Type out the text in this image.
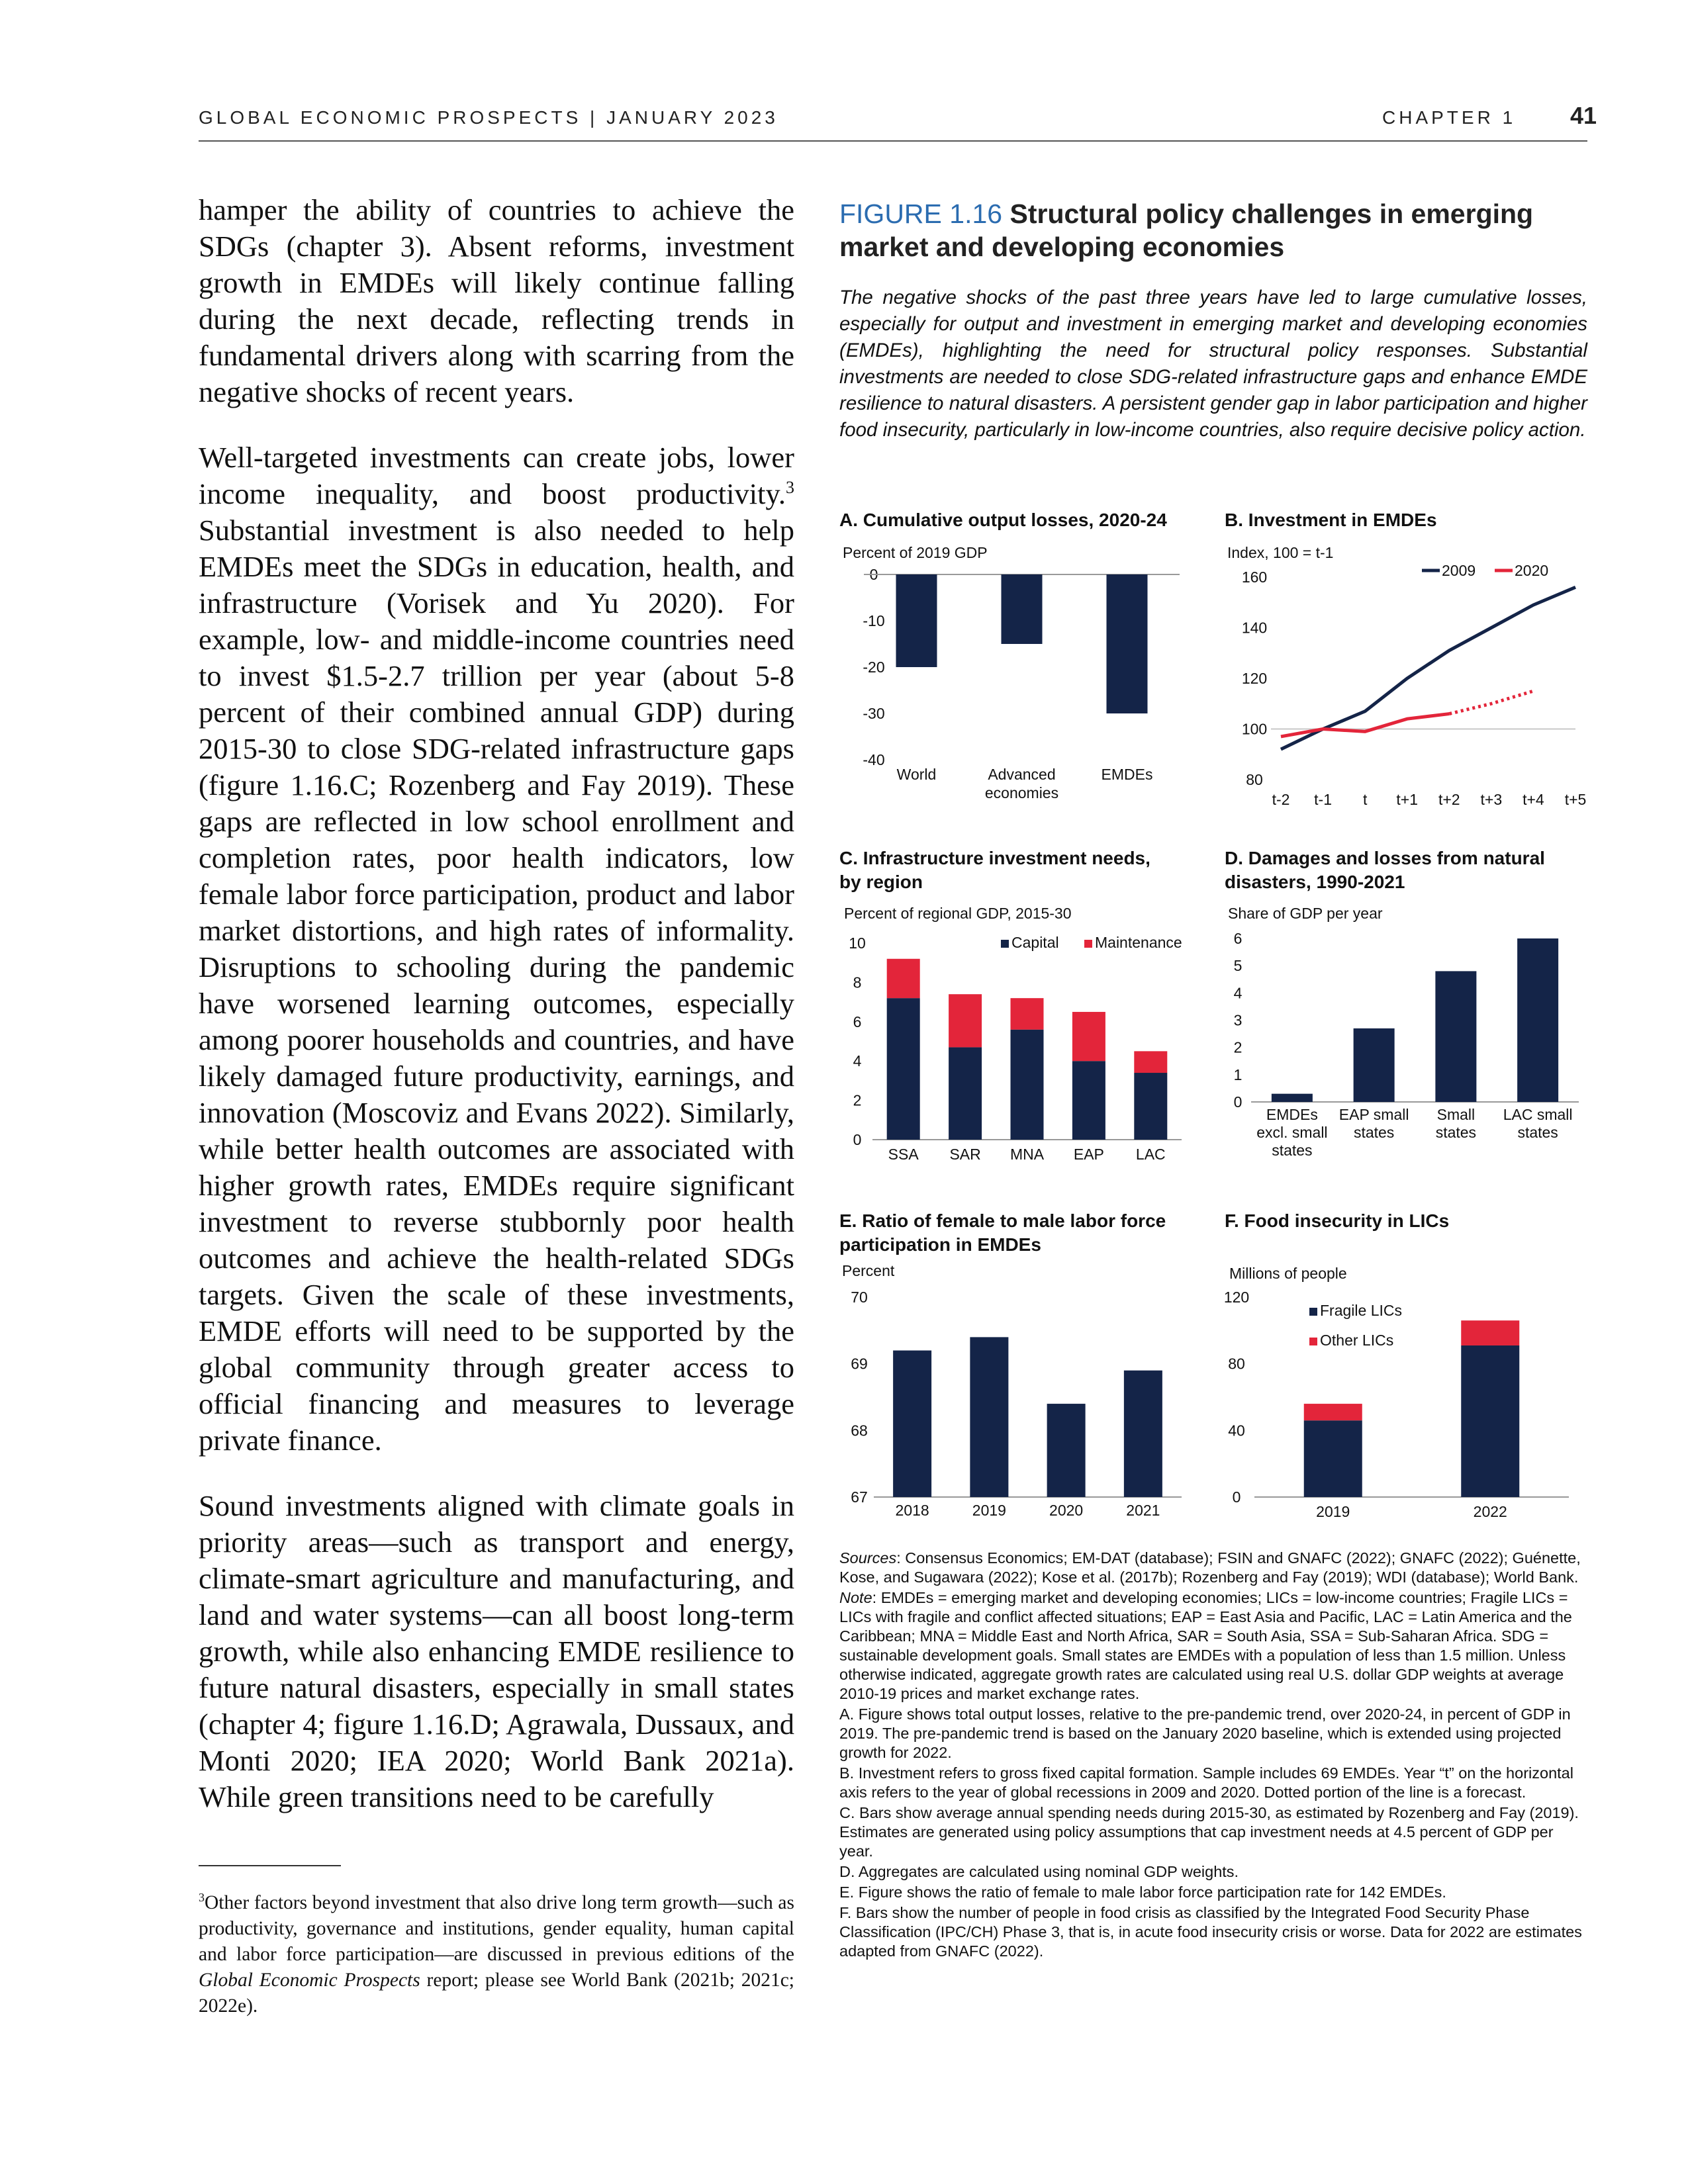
GLOBAL ECONOMIC PROSPECTS | JANUARY 2023	CHAPTER 1 41

hamper the ability of countries to achieve the SDGs (chapter 3). Absent reforms, investment growth in EMDEs will likely continue falling during the next decade, reflecting trends in fundamental drivers along with scarring from the negative shocks of recent years.

Well-targeted investments can create jobs, lower income inequality, and boost productivity.$^3$ Substantial investment is also needed to help EMDEs meet the SDGs in education, health, and infrastructure (Vorisek and Yu 2020). For example, low- and middle-income countries need to invest $1.5-2.7 trillion per year (about 5-8 percent of their combined annual GDP) during 2015-30 to close SDG-related infrastructure gaps (figure 1.16.C; Rozenberg and Fay 2019). These gaps are reflected in low school enrollment and completion rates, poor health indicators, low female labor force participation, product and labor market distortions, and high rates of informality. Disruptions to schooling during the pandemic have worsened learning outcomes, especially among poorer households and countries, and have likely damaged future productivity, earnings, and innovation (Moscoviz and Evans 2022). Similarly, while better health outcomes are associated with higher growth rates, EMDEs require significant investment to reverse stubbornly poor health outcomes and achieve the health-related SDGs targets. Given the scale of these investments, EMDE efforts will need to be supported by the global community through greater access to official financing and measures to leverage private finance.

Sound investments aligned with climate goals in priority areas—such as transport and energy, climate-smart agriculture and manufacturing, and land and water systems—can all boost long-term growth, while also enhancing EMDE resilience to future natural disasters, especially in small states (chapter 4; figure 1.16.D; Agrawala, Dussaux, and Monti 2020; IEA 2020; World Bank 2021a). While green transitions need to be carefully

$^3$Other factors beyond investment that also drive long term growth—such as productivity, governance and institutions, gender equality, human capital and labor force participation—are discussed in previous editions of the Global Economic Prospects report; please see World Bank (2021b; 2021c; 2022e).
FIGURE 1.16 Structural policy challenges in emerging market and developing economies
The negative shocks of the past three years have led to large cumulative losses, especially for output and investment in emerging market and developing economies (EMDEs), highlighting the need for structural policy responses. Substantial investments are needed to close SDG-related infrastructure gaps and enhance EMDE resilience to natural disasters. A persistent gender gap in labor participation and higher food insecurity, particularly in low-income countries, also require decisive policy action.
A. Cumulative output losses, 2020-24
Percent of 2019 GDP
0
-10
-20
-30
-40
World	Advanced
economies
EMDEs
B. Investment in EMDEs
Index, 100 = t-1
160
140
120
100
80
t-2 t-1 t t+1 t+2 t+3 t+4 t+5
2009	2020
C. Infrastructure investment needs,
by region
Percent of regional GDP, 2015-30
10
8
6
4
2
0
SSA SAR MNA EAP LAC
Capital Maintenance
D. Damages and losses from natural
disasters, 1990-2021
Share of GDP per year
6
5
4
3
2
1
0
EMDEs
excl. small
states
EAP small
states
Small
states
LAC small
states
E. Ratio of female to male labor force
participation in EMDEs
Percent
70
69
68
67
2018	2019	2020	2021
F. Food insecurity in LICs
Millions of people
120
80
40
0
2019	2022
Fragile LICs
Other LICs

Sources: Consensus Economics; EM-DAT (database); FSIN and GNAFC (2022); GNAFC (2022); Guénette, Kose, and Sugawara (2022); Kose et al. (2017b); Rozenberg and Fay (2019); WDI (database); World Bank.

Note: EMDEs = emerging market and developing economies; LICs = low-income countries; Fragile LICs = LICs with fragile and conflict affected situations; EAP = East Asia and Pacific, LAC = Latin America and the Caribbean; MNA = Middle East and North Africa, SAR = South Asia, SSA = Sub-Saharan Africa. SDG = sustainable development goals. Small states are EMDEs with a population of less than 1.5 million. Unless otherwise indicated, aggregate growth rates are calculated using real U.S. dollar GDP weights at average 2010-19 prices and market exchange rates.

A. Figure shows total output losses, relative to the pre-pandemic trend, over 2020-24, in percent of GDP in 2019. The pre-pandemic trend is based on the January 2020 baseline, which is extended using projected growth for 2022.

B. Investment refers to gross fixed capital formation. Sample includes 69 EMDEs. Year “t” on the horizontal axis refers to the year of global recessions in 2009 and 2020. Dotted portion of the line is a forecast.

C. Bars show average annual spending needs during 2015-30, as estimated by Rozenberg and Fay (2019). Estimates are generated using policy assumptions that cap investment needs at 4.5 percent of GDP per year.

D. Aggregates are calculated using nominal GDP weights.

E. Figure shows the ratio of female to male labor force participation rate for 142 EMDEs.

F. Bars show the number of people in food crisis as classified by the Integrated Food Security Phase Classification (IPC/CH) Phase 3, that is, in acute food insecurity crisis or worse. Data for 2022 are estimates adapted from GNAFC (2022).
